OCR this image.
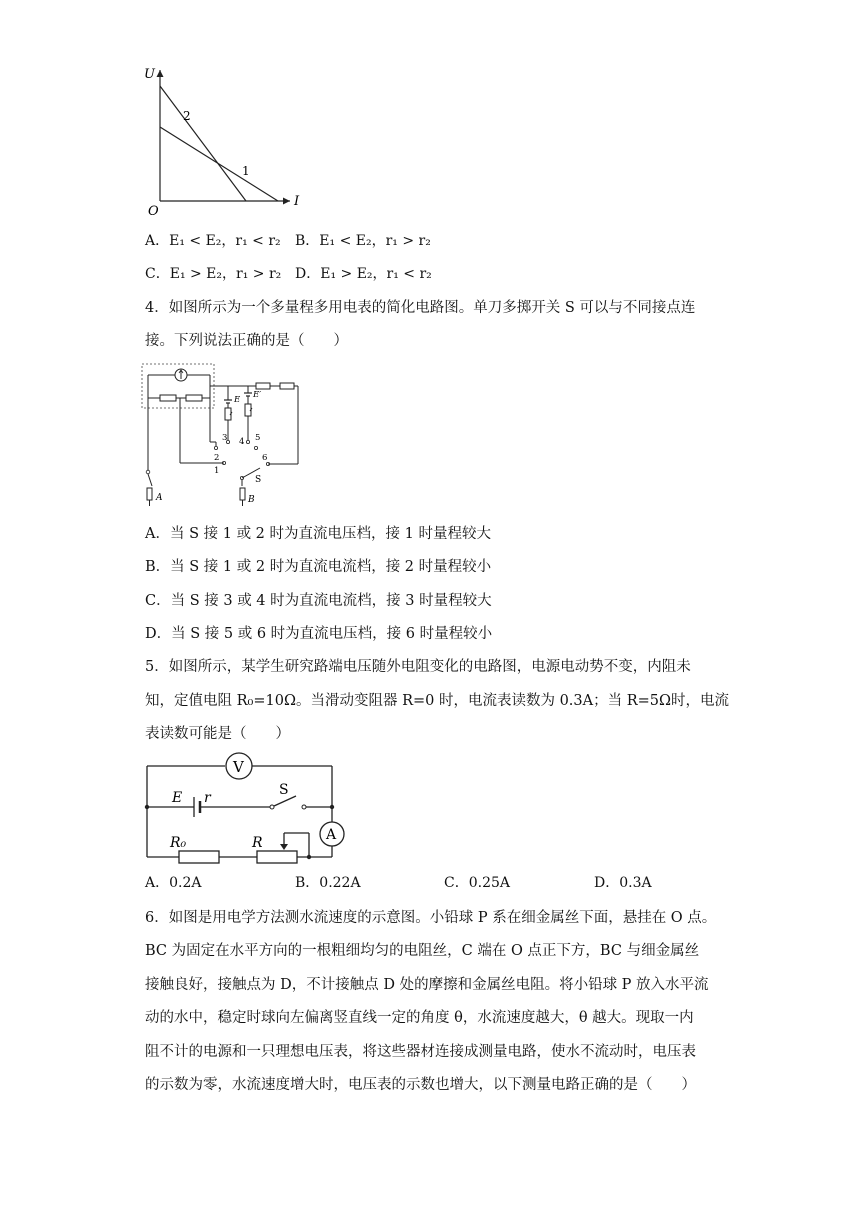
U
I
O
2
1
A．E₁ < E₂，r₁ < r₂ B．E₁ < E₂，r₁ > r₂
C．E₁ > E₂，r₁ > r₂ D．E₁ > E₂，r₁ < r₂
4．如图所示为一个多量程多用电表的简化电路图。单刀多掷开关 S 可以与不同接点连
接。下列说法正确的是（　　）
A
E E′
3 4 5
2
1
6
S
B
A．当 S 接 1 或 2 时为直流电压档，接 1 时量程较大
B．当 S 接 1 或 2 时为直流电流档，接 2 时量程较小
C．当 S 接 3 或 4 时为直流电流档，接 3 时量程较大
D．当 S 接 5 或 6 时为直流电压档，接 6 时量程较小
5．如图所示，某学生研究路端电压随外电阻变化的电路图，电源电动势不变，内阻未
知，定值电阻 R₀=10Ω。当滑动变阻器 R=0 时，电流表读数为 0.3A；当 R=5Ω时，电流
表读数可能是（　　）
V
E r	S
A
R₀	R
A．0.2A	B．0.22A	C．0.25A	D．0.3A
6．如图是用电学方法测水流速度的示意图。小铅球 P 系在细金属丝下面，悬挂在 O 点。
BC 为固定在水平方向的一根粗细均匀的电阻丝，C 端在 O 点正下方，BC 与细金属丝
接触良好，接触点为 D，不计接触点 D 处的摩擦和金属丝电阻。将小铅球 P 放入水平流
动的水中，稳定时球向左偏离竖直线一定的角度 θ，水流速度越大，θ 越大。现取一内
阻不计的电源和一只理想电压表，将这些器材连接成测量电路，使水不流动时，电压表
的示数为零，水流速度增大时，电压表的示数也增大，以下测量电路正确的是（　　）
